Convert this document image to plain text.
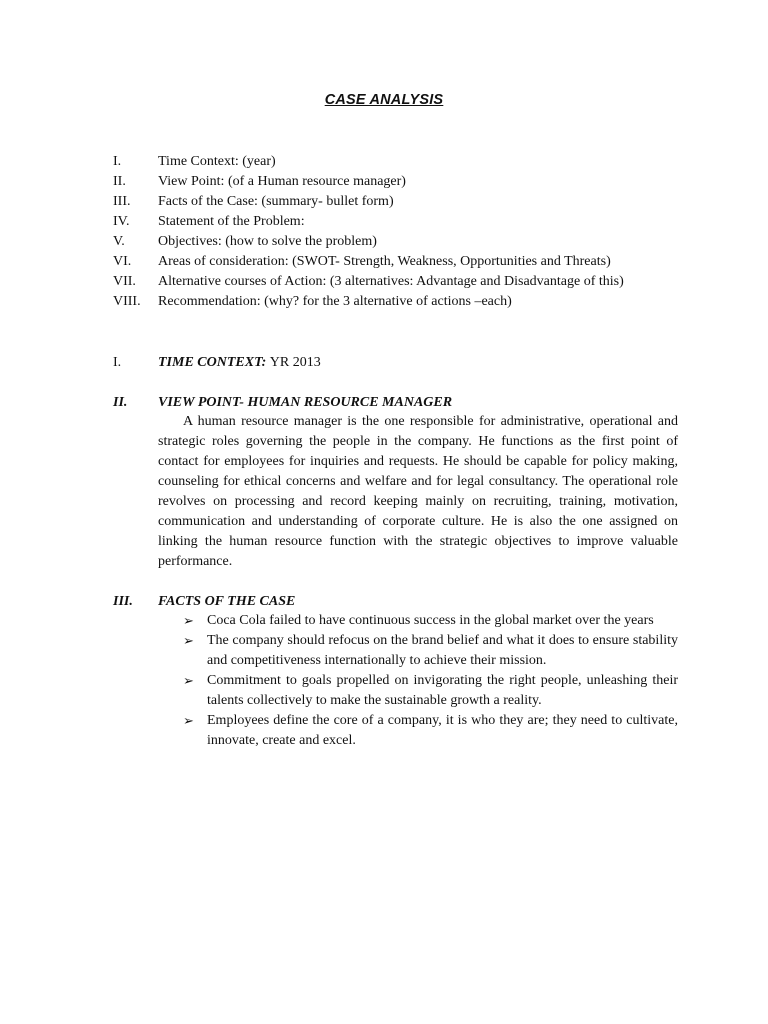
CASE ANALYSIS
I.	Time Context: (year)
II.	View Point: (of a Human resource manager)
III.	Facts of the Case: (summary- bullet form)
IV.	Statement of the Problem:
V.	Objectives: (how to solve the problem)
VI.	Areas of consideration: (SWOT- Strength, Weakness, Opportunities and Threats)
VII.	Alternative courses of Action: (3 alternatives: Advantage and Disadvantage of this)
VIII.	Recommendation: (why? for the 3 alternative of actions –each)
I.	TIME CONTEXT:
YR 2013
II.	VIEW POINT- HUMAN RESOURCE MANAGER

A human resource manager is the one responsible for administrative, operational and strategic roles governing the people in the company. He functions as the first point of contact for employees for inquiries and requests. He should be capable for policy making, counseling for ethical concerns and welfare and for legal consultancy. The operational role revolves on processing and record keeping mainly on recruiting, training, motivation, communication and understanding of corporate culture. He is also the one assigned on linking the human resource function with the strategic objectives to improve valuable performance.

III.	FACTS OF THE CASE
➢ Coca Cola failed to have continuous success in the global market over the years
➢ The company should refocus on the brand belief and what it does to ensure stability and competitiveness internationally to achieve their mission.
➢ Commitment to goals propelled on invigorating the right people, unleashing their talents collectively to make the sustainable growth a reality.
➢ Employees define the core of a company, it is who they are; they need to cultivate, innovate, create and excel.
